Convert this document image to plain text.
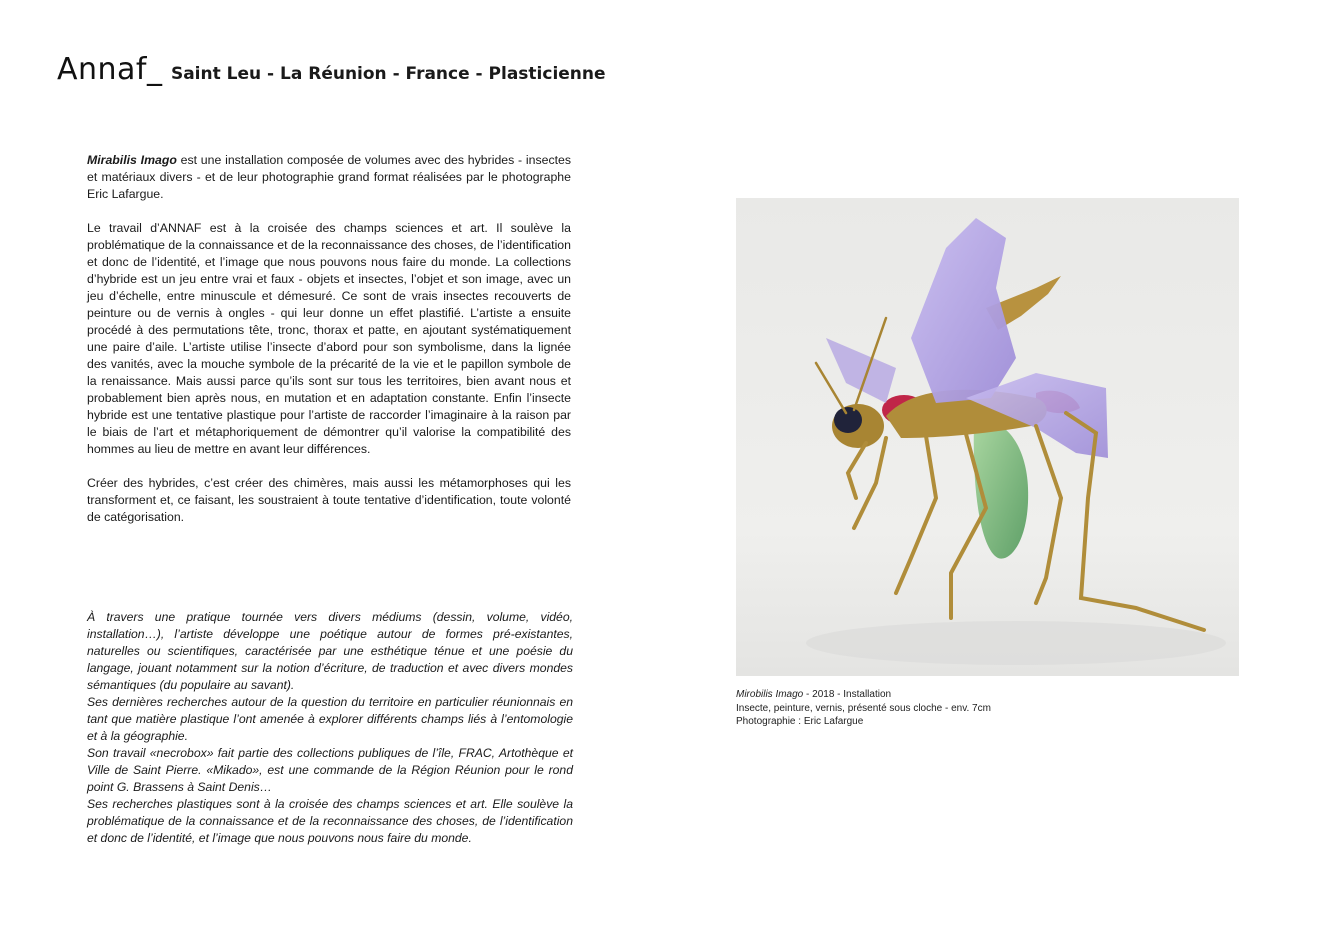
Annaf_ Saint Leu - La Réunion - France - Plasticienne

Mirabilis Imago est une installation composée de volumes avec des hybrides - insectes et matériaux divers - et de leur photographie grand format réalisées par le photographe Eric Lafargue.

Le travail d’ANNAF est à la croisée des champs sciences et art. Il soulève la problématique de la connaissance et de la reconnaissance des choses, de l’identification et donc de l’identité, et l’image que nous pouvons nous faire du monde. La collections d’hybride est un jeu entre vrai et faux - objets et insectes, l’objet et son image, avec un jeu d’échelle, entre minuscule et démesuré. Ce sont de vrais insectes recouverts de peinture ou de vernis à ongles - qui leur donne un effet plastifié. L’artiste a ensuite procédé à des permutations tête, tronc, thorax et patte, en ajoutant systématiquement une paire d’aile. L’artiste utilise l’insecte d’abord pour son symbolisme, dans la lignée des vanités, avec la mouche symbole de la précarité de la vie et le papillon symbole de la renaissance. Mais aussi parce qu’ils sont sur tous les territoires, bien avant nous et probablement bien après nous, en mutation et en adaptation constante. Enfin l’insecte hybride est une tentative plastique pour l’artiste de raccorder l’imaginaire à la raison par le biais de l’art et métaphoriquement de démontrer qu’il valorise la compatibilité des hommes au lieu de mettre en avant leur différences.

Créer des hybrides, c’est créer des chimères, mais aussi les métamorphoses qui les transforment et, ce faisant, les soustraient à toute tentative d’identification, toute volonté de catégorisation.

À travers une pratique tournée vers divers médiums (dessin, volume, vidéo, installation…), l’artiste développe une poétique autour de formes pré-existantes, naturelles ou scientifiques, caractérisée par une esthétique ténue et une poésie du langage, jouant notamment sur la notion d’écriture, de traduction et avec divers mondes sémantiques (du populaire au savant).

Ses dernières recherches autour de la question du territoire en particulier réunionnais en tant que matière plastique l’ont amenée à explorer différents champs liés à l’entomologie et à la géographie.

Son travail «necrobox» fait partie des collections publiques de l’île, FRAC, Artothèque et Ville de Saint Pierre. «Mikado», est une commande de la Région Réunion pour le rond point G. Brassens à Saint Denis…

Ses recherches plastiques sont à la croisée des champs sciences et art. Elle soulève la problématique de la connaissance et de la reconnaissance des choses, de l’identification et donc de l’identité, et l’image que nous pouvons nous faire du monde.

Mirobilis Imago - 2018 - Installation
Insecte, peinture, vernis, présenté sous cloche - env. 7cm
Photographie : Eric Lafargue
